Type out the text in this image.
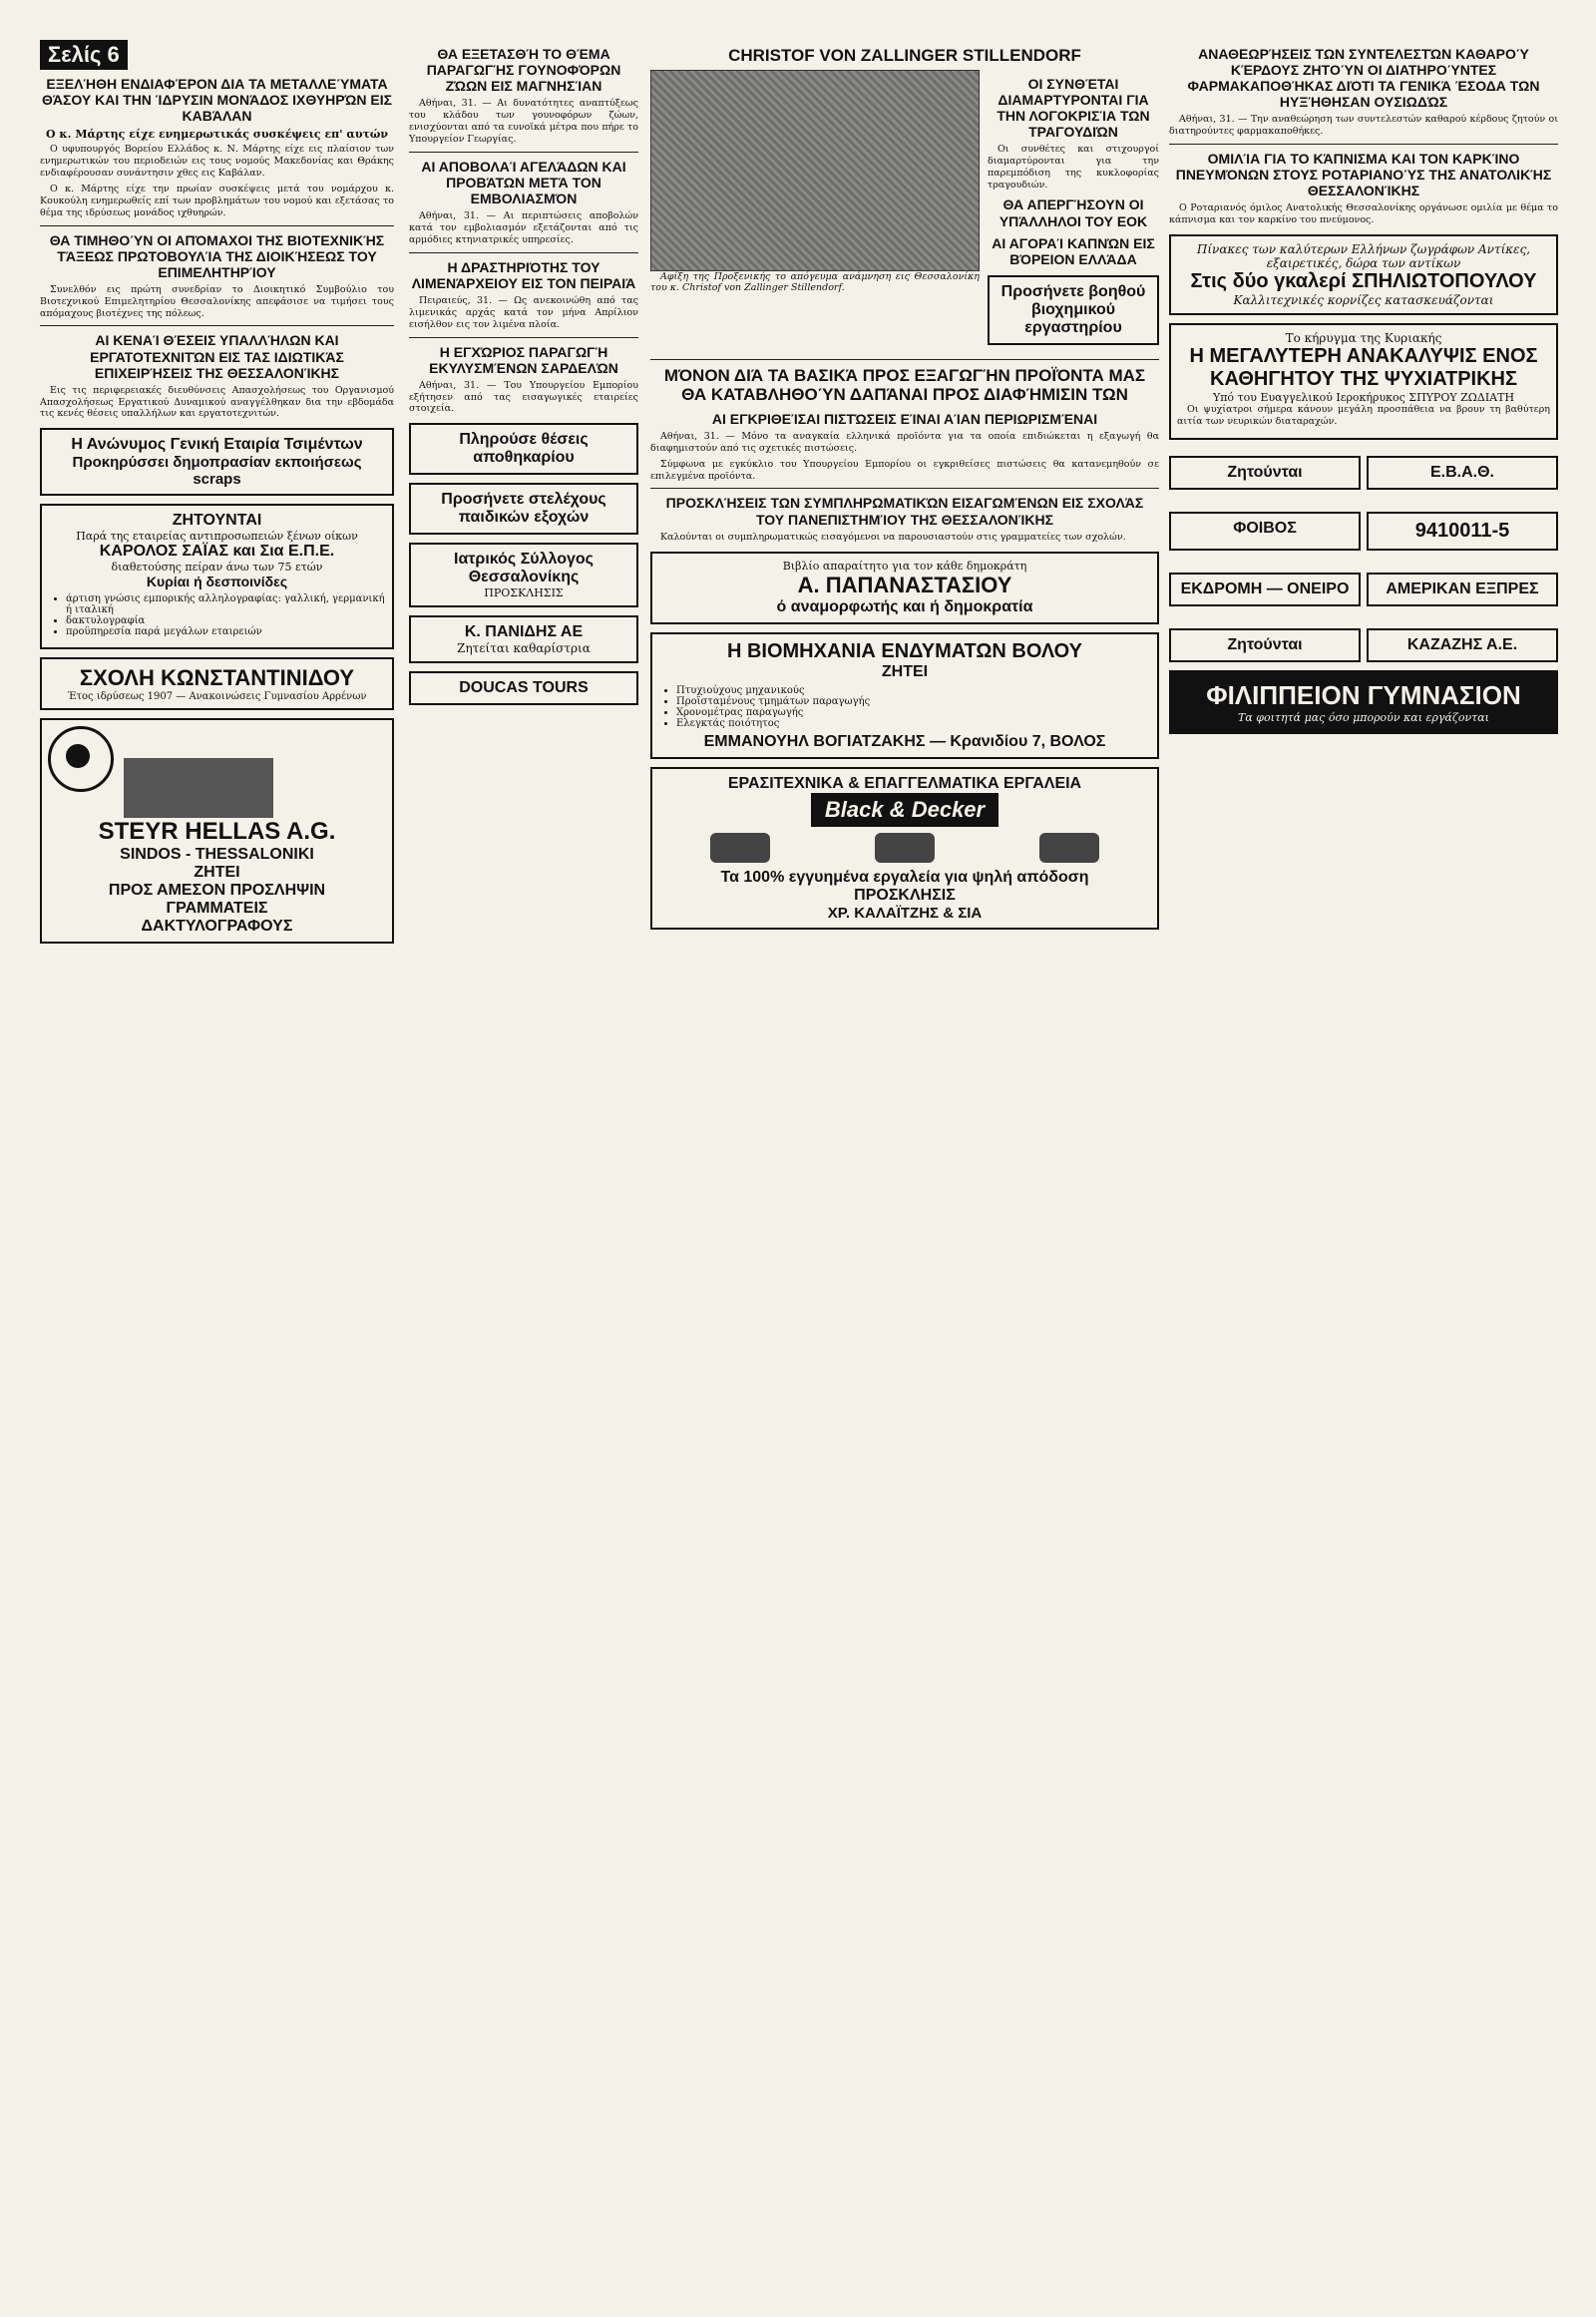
Σελίς 6
ΕΞΕΛΉΘΗ ΕΝΔΙΑΦΈΡΟΝ ΔΙΑ ΤΑ ΜΕΤΑΛΛΕΎΜΑΤΑ ΘΆΣΟΥ ΚΑΙ ΤΗΝ ΊΔΡΥΣΙΝ ΜΟΝΆΔΟΣ ΙΧΘΥΗΡΏΝ ΕΙΣ ΚΑΒΆΛΑΝ
Ο κ. Μάρτης είχε ενημερωτικάς συσκέψεις επ' αυτών

Ο υφυπουργός Βορείου Ελλάδος κ. Ν. Μάρτης είχε εις πλαίσιον των ενημερωτικών του περιοδειών εις τους νομούς Μακεδονίας και Θράκης ενδιαφέρουσαν συνάντησιν χθες εις Καβάλαν.

Ο κ. Μάρτης είχε την πρωίαν συσκέψεις μετά του νομάρχου κ. Κουκούλη ενημερωθείς επί των προβλημάτων του νομού και εξετάσας το θέμα της ιδρύσεως μονάδος ιχθυηρών.

ΘΑ ΤΙΜΗΘΟΎΝ ΟΙ ΑΠΌΜΑΧΟΙ ΤΗΣ ΒΙΟΤΕΧΝΙΚΉΣ ΤΆΞΕΩΣ ΠΡΩΤΟΒΟΥΛΊΑ ΤΗΣ ΔΙΟΙΚΉΣΕΩΣ ΤΟΥ ΕΠΙΜΕΛΗΤΗΡΊΟΥ

Συνελθόν εις πρώτη συνεδρίαν το Διοικητικό Συμβούλιο του Βιοτεχνικού Επιμελητηρίου Θεσσαλονίκης απεφάσισε να τιμήσει τους απόμαχους βιοτέχνες της πόλεως.

ΑΙ ΚΕΝΑΊ ΘΈΣΕΙΣ ΥΠΑΛΛΉΛΩΝ ΚΑΙ ΕΡΓΑΤΟΤΕΧΝΙΤΏΝ ΕΙΣ ΤΑΣ ΙΔΙΩΤΙΚΆΣ ΕΠΙΧΕΙΡΉΣΕΙΣ ΤΗΣ ΘΕΣΣΑΛΟΝΊΚΗΣ

Εις τις περιφερειακές διευθύνσεις Απασχολήσεως του Οργανισμού Απασχολήσεως Εργατικού Δυναμικού αναγγέλθηκαν δια την εβδομάδα τις κενές θέσεις υπαλλήλων και εργατοτεχνιτών.

Η Ανώνυμος Γενική Εταιρία Τσιμέντων
Προκηρύσσει δημοπρασίαν εκποιήσεως scraps
ΖΗΤΟΥΝΤΑΙ
Παρά της εταιρείας αντιπροσωπειών ξένων οίκων
ΚΑΡΟΛΟΣ ΣΑΪΑΣ και Σια Ε.Π.Ε.
διαθετούσης πείραν άνω των 75 ετών
Κυρίαι ή δεσποινίδες
• άρτιση γνώσις εμπορικής αλληλογραφίας: γαλλική, γερμανική ή ιταλική
• δακτυλογραφία
• προϋπηρεσία παρά μεγάλων εταιρειών
ΣΧΟΛΗ ΚΩΝΣΤΑΝΤΙΝΙΔΟΥ
Έτος ιδρύσεως 1907 — Ανακοινώσεις Γυμνασίου Αρρένων
STEYR HELLAS A.G.
SINDOS - THESSALONIKI
ΖΗΤΕΙ
ΠΡΟΣ ΑΜΕΣΟΝ ΠΡΟΣΛΗΨΙΝ
ΓΡΑΜΜΑΤΕΙΣ
ΔΑΚΤΥΛΟΓΡΑΦΟΥΣ
ΘΑ ΕΞΕΤΑΣΘΉ ΤΟ ΘΈΜΑ ΠΑΡΑΓΩΓΉΣ ΓΟΥΝΟΦΌΡΩΝ ΖΏΩΝ ΕΙΣ ΜΑΓΝΗΣΊΑΝ

Αθήναι, 31. — Αι δυνατότητες αναπτύξεως του κλάδου των γουνοφόρων ζώων, ενισχύονται από τα ευνοϊκά μέτρα που πήρε το Υπουργείον Γεωργίας.

ΑΙ ΑΠΟΒΟΛΑΊ ΑΓΕΛΆΔΩΝ ΚΑΙ ΠΡΟΒΆΤΩΝ ΜΕΤΆ ΤΟΝ ΕΜΒΟΛΙΑΣΜΌΝ

Αθήναι, 31. — Αι περιπτώσεις αποβολών κατά τον εμβολιασμόν εξετάζονται από τις αρμόδιες κτηνιατρικές υπηρεσίες.

Η ΔΡΑΣΤΗΡΙΌΤΗΣ ΤΟΥ ΛΙΜΕΝΆΡΧΕΙΟΥ ΕΙΣ ΤΟΝ ΠΕΙΡΑΙΆ

Πειραιεύς, 31. — Ως ανεκοινώθη από τας λιμενικάς αρχάς κατά τον μήνα Απρίλιον εισήλθον εις τον λιμένα πλοία.

Η ΕΓΧΏΡΙΟΣ ΠΑΡΑΓΩΓΉ ΕΚΥΛΥΣΜΈΝΩΝ ΣΑΡΔΕΛΏΝ

Αθήναι, 31. — Του Υπουργείου Εμπορίου εξήτησεν από τας εισαγωγικές εταιρείες στοιχεία.

Πληρούσε θέσεις αποθηκαρίου
Προσήνετε στελέχους παιδικών εξοχών
Ιατρικός Σύλλογος Θεσσαλονίκης
ΠΡΟΣΚΛΗΣΙΣ
Κ. ΠΑΝΙΔΗΣ ΑΕ
Ζητείται καθαρίστρια
DOUCAS TOURS
CHRISTOF VON ZALLINGER STILLENDORF

Αφίξη της Προξενικής το απόγευμα ανάμνηση εις Θεσσαλονίκη του κ. Christof von Zallinger Stillendorf.

ΟΙ ΣΥΝΘΈΤΑΙ ΔΙΑΜΑΡΤΥΡΟΝΤΑΙ ΓΙΑ ΤΗΝ ΛΟΓΟΚΡΙΣΊΑ ΤΩΝ ΤΡΑΓΟΥΔΙΏΝ

Οι συνθέτες και στιχουργοί διαμαρτύρονται για την παρεμπόδιση της κυκλοφορίας τραγουδιών.

ΘΑ ΑΠΕΡΓΉΣΟΥΝ ΟΙ ΥΠΆΛΛΗΛΟΙ ΤΟΥ ΕΟΚ
ΑΙ ΑΓΟΡΑΊ ΚΑΠΝΏΝ ΕΙΣ ΒΌΡΕΙΟΝ ΕΛΛΆΔΑ
Προσήνετε βοηθού βιοχημικού εργαστηρίου
ΜΌΝΟΝ ΔΙΆ ΤΑ ΒΑΣΙΚΆ ΠΡΟΣ ΕΞΑΓΩΓΉΝ ΠΡΟΪΌΝΤΑ ΜΑΣ ΘΑ ΚΑΤΑΒΛΗΘΟΎΝ ΔΑΠΆΝΑΙ ΠΡΟΣ ΔΙΑΦΉΜΙΣΙΝ ΤΩΝ
ΑΙ ΕΓΚΡΙΘΕΊΣΑΙ ΠΙΣΤΏΣΕΙΣ ΕΊΝΑΙ ΑΊΑΝ ΠΕΡΙΩΡΙΣΜΈΝΑΙ

Αθήναι, 31. — Μόνο τα αναγκαία ελληνικά προϊόντα για τα οποία επιδιώκεται η εξαγωγή θα διαφημιστούν από τις σχετικές πιστώσεις.

Σύμφωνα με εγκύκλιο του Υπουργείου Εμπορίου οι εγκριθείσες πιστώσεις θα κατανεμηθούν σε επιλεγμένα προϊόντα.

ΠΡΟΣΚΛΉΣΕΙΣ ΤΩΝ ΣΥΜΠΛΗΡΩΜΑΤΙΚΏΝ ΕΙΣΑΓΩΜΈΝΩΝ ΕΙΣ ΣΧΟΛΆΣ ΤΟΥ ΠΑΝΕΠΙΣΤΗΜΊΟΥ ΤΗΣ ΘΕΣΣΑΛΟΝΊΚΗΣ

Καλούνται οι συμπληρωματικώς εισαγόμενοι να παρουσιαστούν στις γραμματείες των σχολών.

Βιβλίο απαραίτητο για τον κάθε δημοκράτη
Α. ΠΑΠΑΝΑΣΤΑΣΙΟΥ
ό αναμορφωτής και ή δημοκρατία
Η ΒΙΟΜΗΧΑΝΙΑ ΕΝΔΥΜΑΤΩΝ ΒΟΛΟΥ
ΖΗΤΕΙ
• Πτυχιούχους μηχανικούς
• Προϊσταμένους τμημάτων παραγωγής
• Χρονομέτρας παραγωγής
• Ελεγκτάς ποιότητος
ΕΜΜΑΝΟΥΗΛ ΒΟΓΙΑΤΖΑΚΗΣ — Κρανιδίου 7, ΒΟΛΟΣ
ΕΡΑΣΙΤΕΧΝΙΚΑ & ΕΠΑΓΓΕΛΜΑΤΙΚΑ ΕΡΓΑΛΕΙΑ
Black & Decker
Τα 100% εγγυημένα εργαλεία για ψηλή απόδοση
ΠΡΟΣΚΛΗΣΙΣ
ΧΡ. ΚΑΛΑΪΤΖΗΣ & ΣΙΑ
ΑΝΑΘΕΩΡΉΣΕΙΣ ΤΩΝ ΣΥΝΤΕΛΕΣΤΏΝ ΚΑΘΑΡΟΎ ΚΈΡΔΟΥΣ ΖΗΤΟΎΝ ΟΙ ΔΙΑΤΗΡΟΎΝΤΕΣ ΦΑΡΜΑΚΑΠΟΘΉΚΑΣ ΔΙΌΤΙ ΤΑ ΓΕΝΙΚΆ ΈΣΟΔΑ ΤΩΝ ΗΥΞΉΘΗΣΑΝ ΟΥΣΙΩΔΏΣ

Αθήναι, 31. — Την αναθεώρηση των συντελεστών καθαρού κέρδους ζητούν οι διατηρούντες φαρμακαποθήκες.

ΟΜΙΛΊΑ ΓΙΑ ΤΟ ΚΆΠΝΙΣΜΑ ΚΑΙ ΤΟΝ ΚΑΡΚΊΝΟ ΠΝΕΥΜΌΝΩΝ ΣΤΟΥΣ ΡΟΤΑΡΙΑΝΟΎΣ ΤΗΣ ΑΝΑΤΟΛΙΚΉΣ ΘΕΣΣΑΛΟΝΊΚΗΣ

Ο Ροταριανός όμιλος Ανατολικής Θεσσαλονίκης οργάνωσε ομιλία με θέμα το κάπνισμα και τον καρκίνο του πνεύμονος.

Πίνακες των καλύτερων Ελλήνων ζωγράφων Αντίκες, εξαιρετικές, δώρα των αντίκων
Στις δύο γκαλερί ΣΠΗΛΙΩΤΟΠΟΥΛΟΥ
Καλλιτεχνικές κορνίζες κατασκευάζονται
Το κήρυγμα της Κυριακής
Η ΜΕΓΑΛΥΤΕΡΗ ΑΝΑΚΑΛΥΨΙΣ ΕΝΟΣ ΚΑΘΗΓΗΤΟΥ ΤΗΣ ΨΥΧΙΑΤΡΙΚΗΣ
Υπό του Ευαγγελικού Ιεροκήρυκος ΣΠΥΡΟΥ ΖΩΔΙΑΤΗ

Οι ψυχίατροι σήμερα κάνουν μεγάλη προσπάθεια να βρουν τη βαθύτερη αιτία των νευρικών διαταραχών.

Ζητούνται	Ε.Β.Α.Θ.
ΦΟΙΒΟΣ	9410011-5
ΕΚΔΡΟΜΗ — ΟΝΕΙΡΟ	ΑΜΕΡΙΚΑΝ ΕΞΠΡΕΣ
Ζητούνται	ΚΑΖΑΖΗΣ Α.Ε.
ΦΙΛΙΠΠΕΙΟΝ ΓΥΜΝΑΣΙΟΝ
Τα φοιτητά μας όσο μπορούν και εργάζονται
